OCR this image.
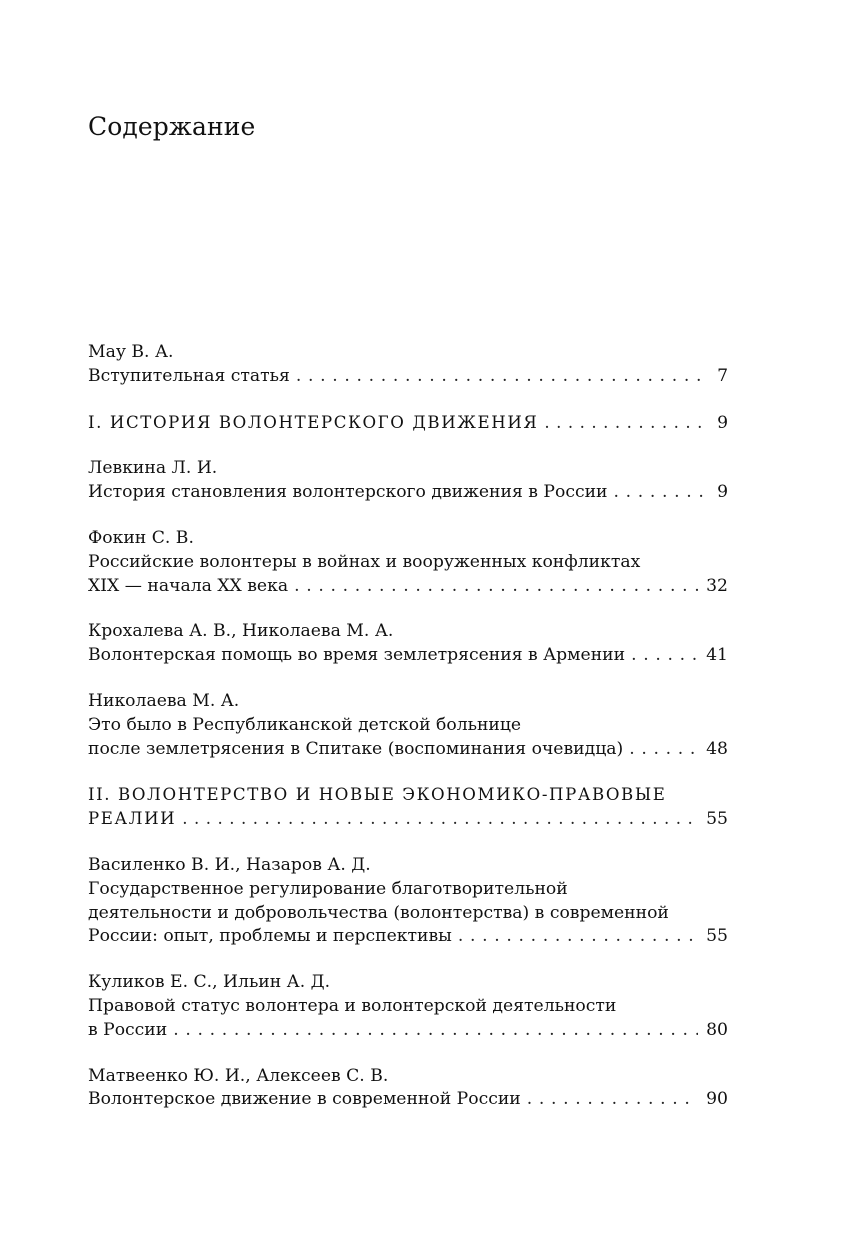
Содержание
Мау В. А.
Вступительная статья . . .	7
I. ИСТОРИЯ ВОЛОНТЕРСКОГО ДВИЖЕНИЯ . . .	9
Левкина Л. И.
История становления волонтерского движения в России . . .	9
Фокин С. В.
Российские волонтеры в войнах и вооруженных конфликтах
XIX — начала XX века . . .	32
Крохалева А. В., Николаева М. А.
Волонтерская помощь во время землетрясения в Армении . . .	41
Николаева М. А.
Это было в Республиканской детской больнице
после землетрясения в Спитаке (воспоминания очевидца) . . .	48
II. ВОЛОНТЕРСТВО И НОВЫЕ ЭКОНОМИКО-ПРАВОВЫЕ
РЕАЛИИ . . .	55
Василенко В. И., Назаров А. Д.
Государственное регулирование благотворительной
деятельности и добровольчества (волонтерства) в современной
России: опыт, проблемы и перспективы . . .	55
Куликов Е. С., Ильин А. Д.
Правовой статус волонтера и волонтерской деятельности
в России . . .	80
Матвеенко Ю. И., Алексеев С. В.
Волонтерское движение в современной России . . .	90
